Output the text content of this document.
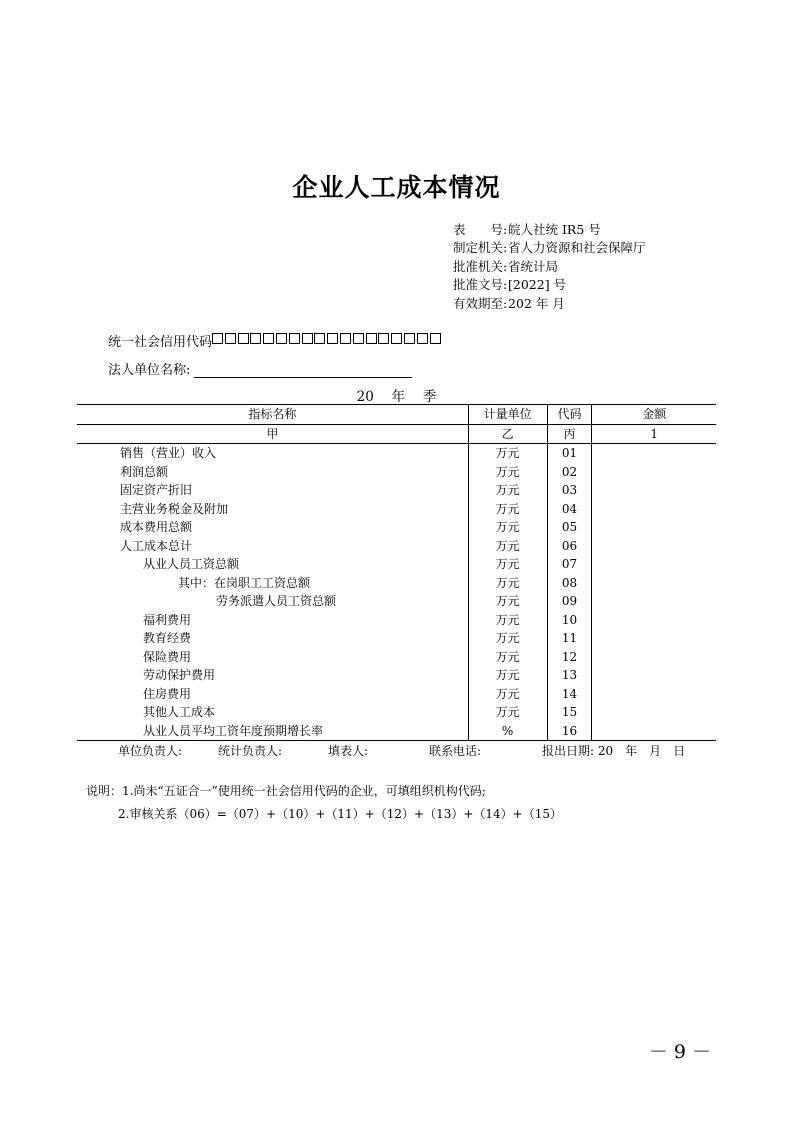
企业人工成本情况
表　　号:皖人社统 IR5 号
制定机关:省人力资源和社会保障厅
批准机关:省统计局
批准文号:[2022] 号
有效期至:202 年 月
统一社会信用代码
法人单位名称:
20　 年　 季
指标名称	计量单位	代码	金额
甲	乙	丙	1
销售（营业）收入	万元	01	
利润总额	万元	02	
固定资产折旧	万元	03	
主营业务税金及附加	万元	04	
成本费用总额	万元	05	
人工成本总计	万元	06	
从业人员工资总额	万元	07	
其中：在岗职工工资总额	万元	08	
劳务派遣人员工资总额	万元	09	
福利费用	万元	10	
教育经费	万元	11	
保险费用	万元	12	
劳动保护费用	万元	13	
住房费用	万元	14	
其他人工成本	万元	15	
从业人员平均工资年度预期增长率	%	16	
单位负责人:	统计负责人:	填表人:	联系电话:	报出日期: 20　年　月　日
说明：1.尚未“五证合一”使用统一社会信用代码的企业，可填组织机构代码;
2.审核关系（06）=（07）+（10）+（11）+（12）+（13）+（14）+（15）
－ 9 －
